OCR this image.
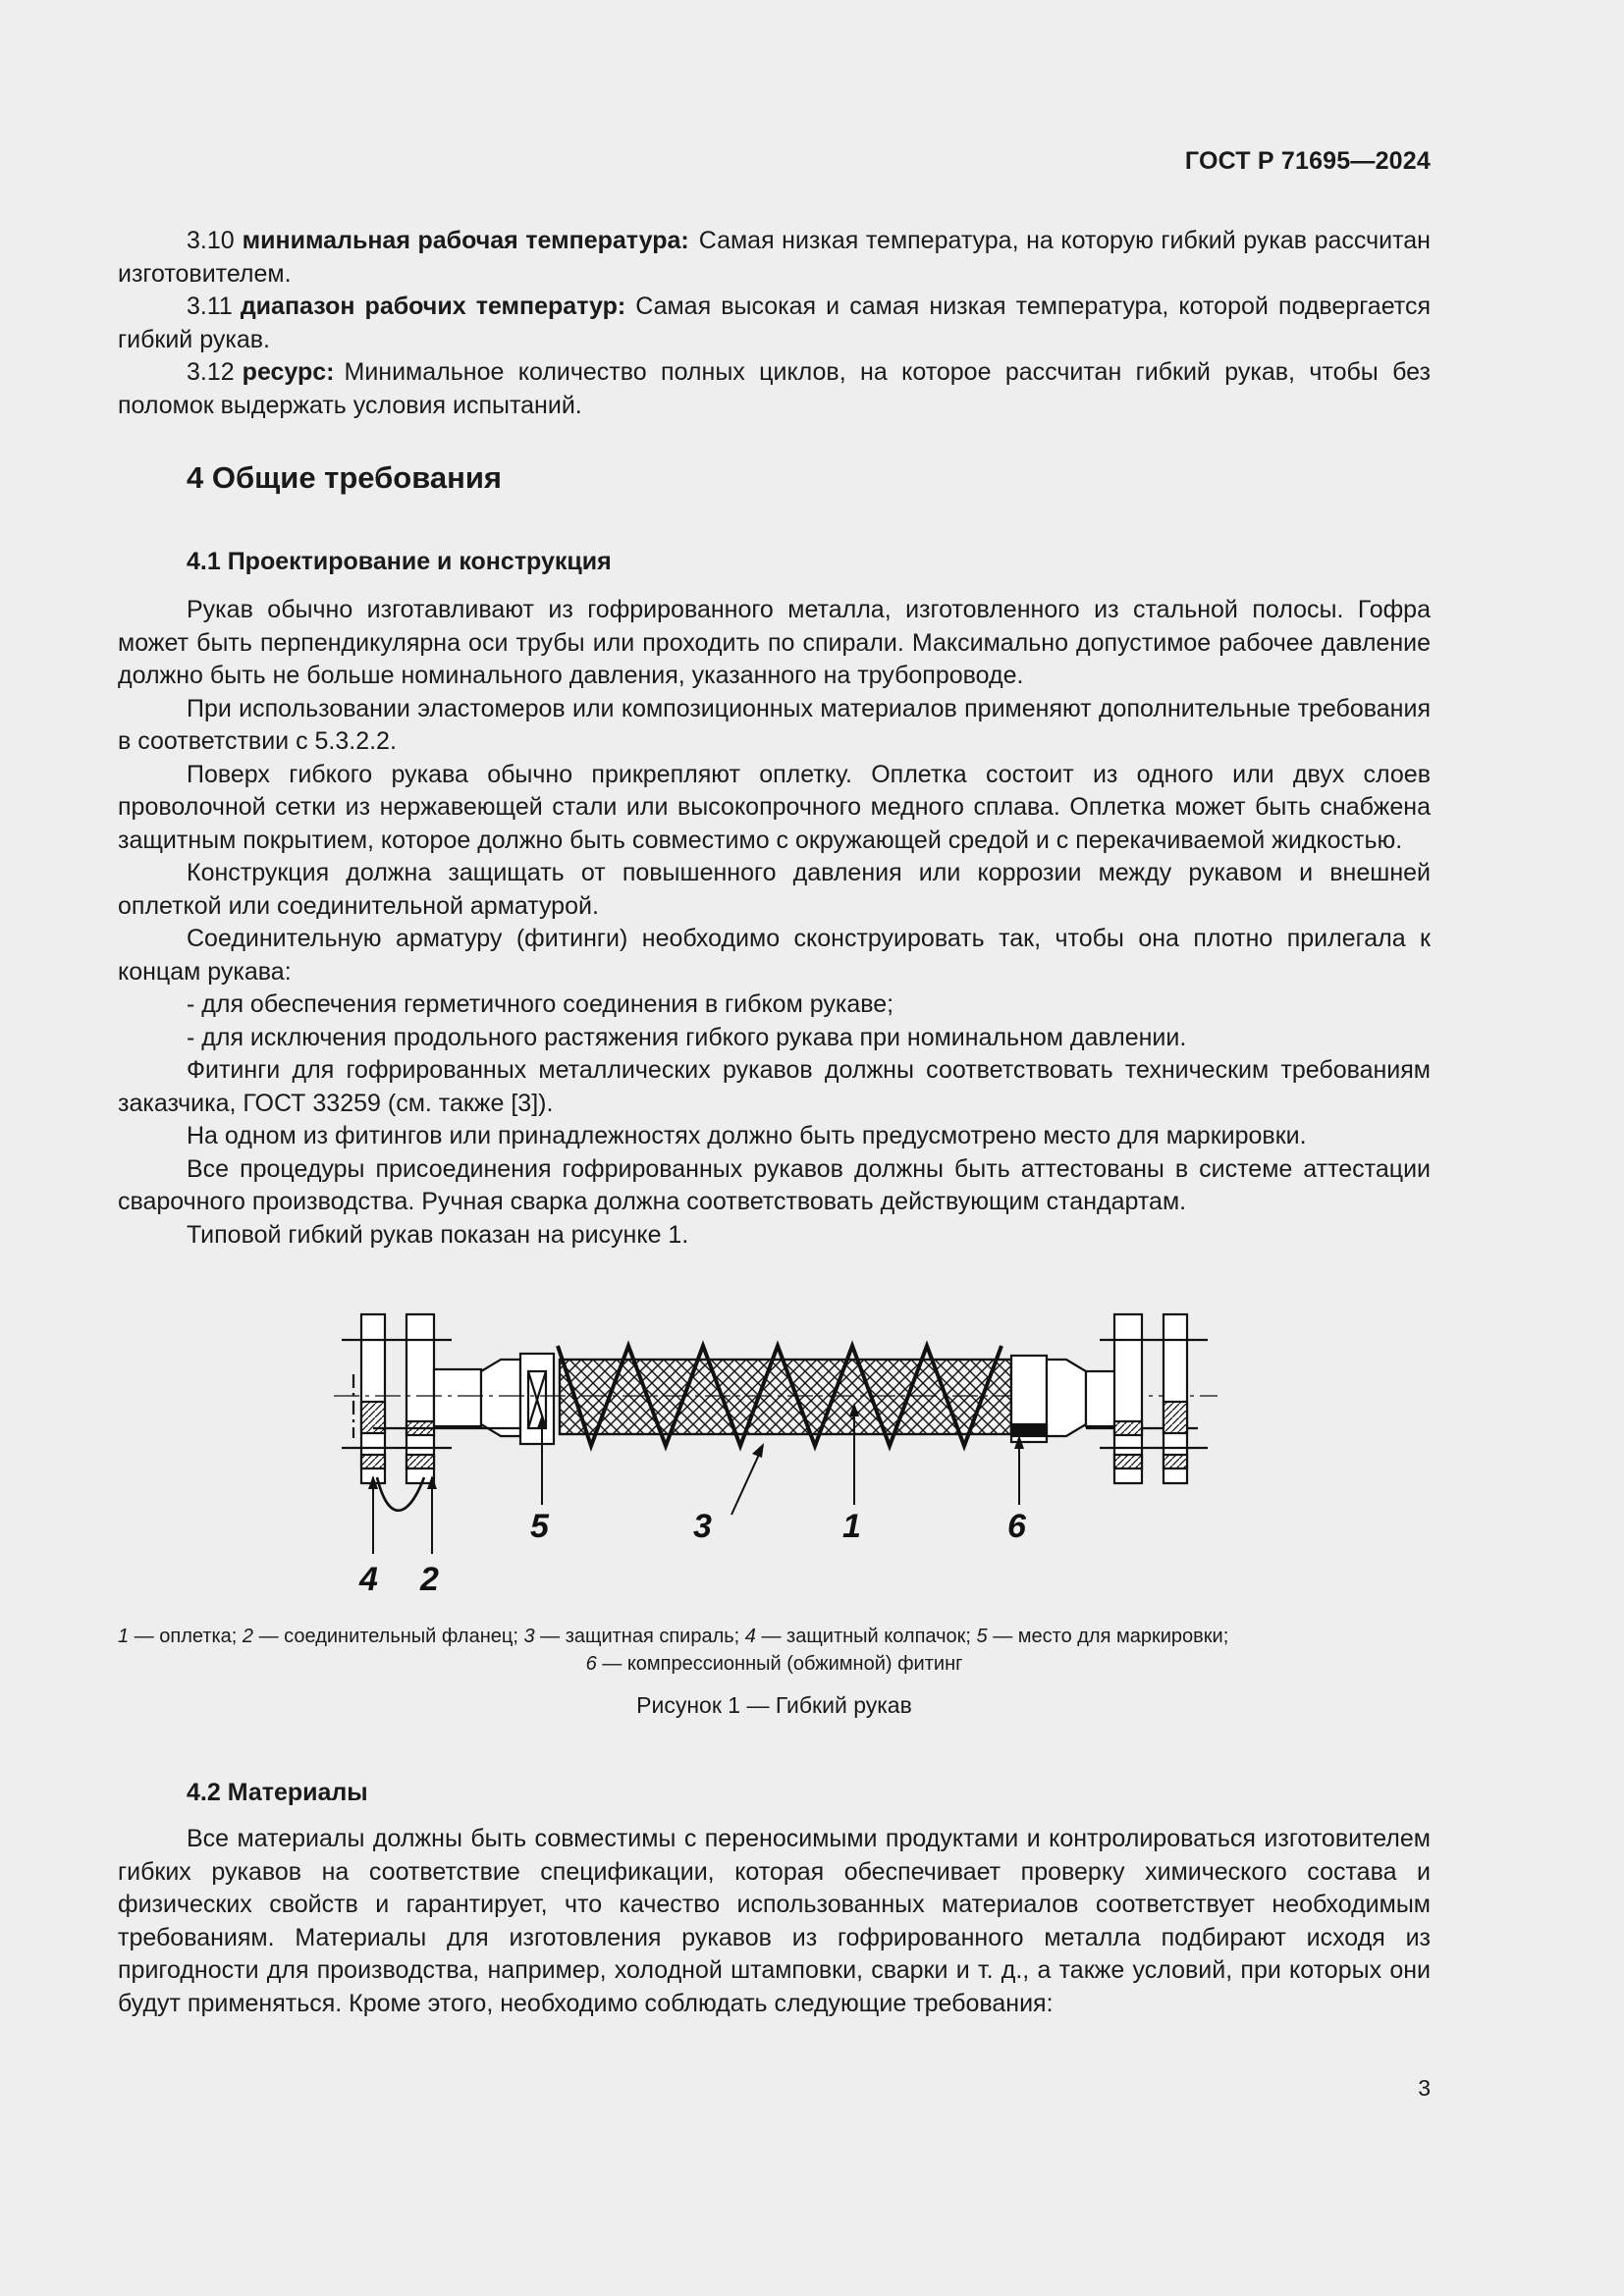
ГОСТ Р 71695—2024

3.10 минимальная рабочая температура: Самая низкая температура, на которую гибкий рукав рассчитан изготовителем.

3.11 диапазон рабочих температур: Самая высокая и самая низкая температура, которой подвергается гибкий рукав.

3.12 ресурс: Минимальное количество полных циклов, на которое рассчитан гибкий рукав, чтобы без поломок выдержать условия испытаний.

4 Общие требования
4.1 Проектирование и конструкция

Рукав обычно изготавливают из гофрированного металла, изготовленного из стальной полосы. Гофра может быть перпендикулярна оси трубы или проходить по спирали. Максимально допустимое рабочее давление должно быть не больше номинального давления, указанного на трубопроводе.

При использовании эластомеров или композиционных материалов применяют дополнительные требования в соответствии с 5.3.2.2.

Поверх гибкого рукава обычно прикрепляют оплетку. Оплетка состоит из одного или двух слоев проволочной сетки из нержавеющей стали или высокопрочного медного сплава. Оплетка может быть снабжена защитным покрытием, которое должно быть совместимо с окружающей средой и с перекачиваемой жидкостью.

Конструкция должна защищать от повышенного давления или коррозии между рукавом и внешней оплеткой или соединительной арматурой.

Соединительную арматуру (фитинги) необходимо сконструировать так, чтобы она плотно прилегала к концам рукава:

- для обеспечения герметичного соединения в гибком рукаве;

- для исключения продольного растяжения гибкого рукава при номинальном давлении.

Фитинги для гофрированных металлических рукавов должны соответствовать техническим требованиям заказчика, ГОСТ 33259 (см. также [3]).

На одном из фитингов или принадлежностях должно быть предусмотрено место для маркировки.

Все процедуры присоединения гофрированных рукавов должны быть аттестованы в системе аттестации сварочного производства. Ручная сварка должна соответствовать действующим стандартам.

Типовой гибкий рукав показан на рисунке 1.

4 2
5	3	1	6
1 — оплетка; 2 — соединительный фланец; 3 — защитная спираль; 4 — защитный колпачок; 5 — место для маркировки;
6 — компрессионный (обжимной) фитинг
Рисунок 1 — Гибкий рукав
4.2 Материалы

Все материалы должны быть совместимы с переносимыми продуктами и контролироваться изготовителем гибких рукавов на соответствие спецификации, которая обеспечивает проверку химического состава и физических свойств и гарантирует, что качество использованных материалов соответствует необходимым требованиям. Материалы для изготовления рукавов из гофрированного металла подбирают исходя из пригодности для производства, например, холодной штамповки, сварки и т. д., а также условий, при которых они будут применяться. Кроме этого, необходимо соблюдать следующие требования:

3
